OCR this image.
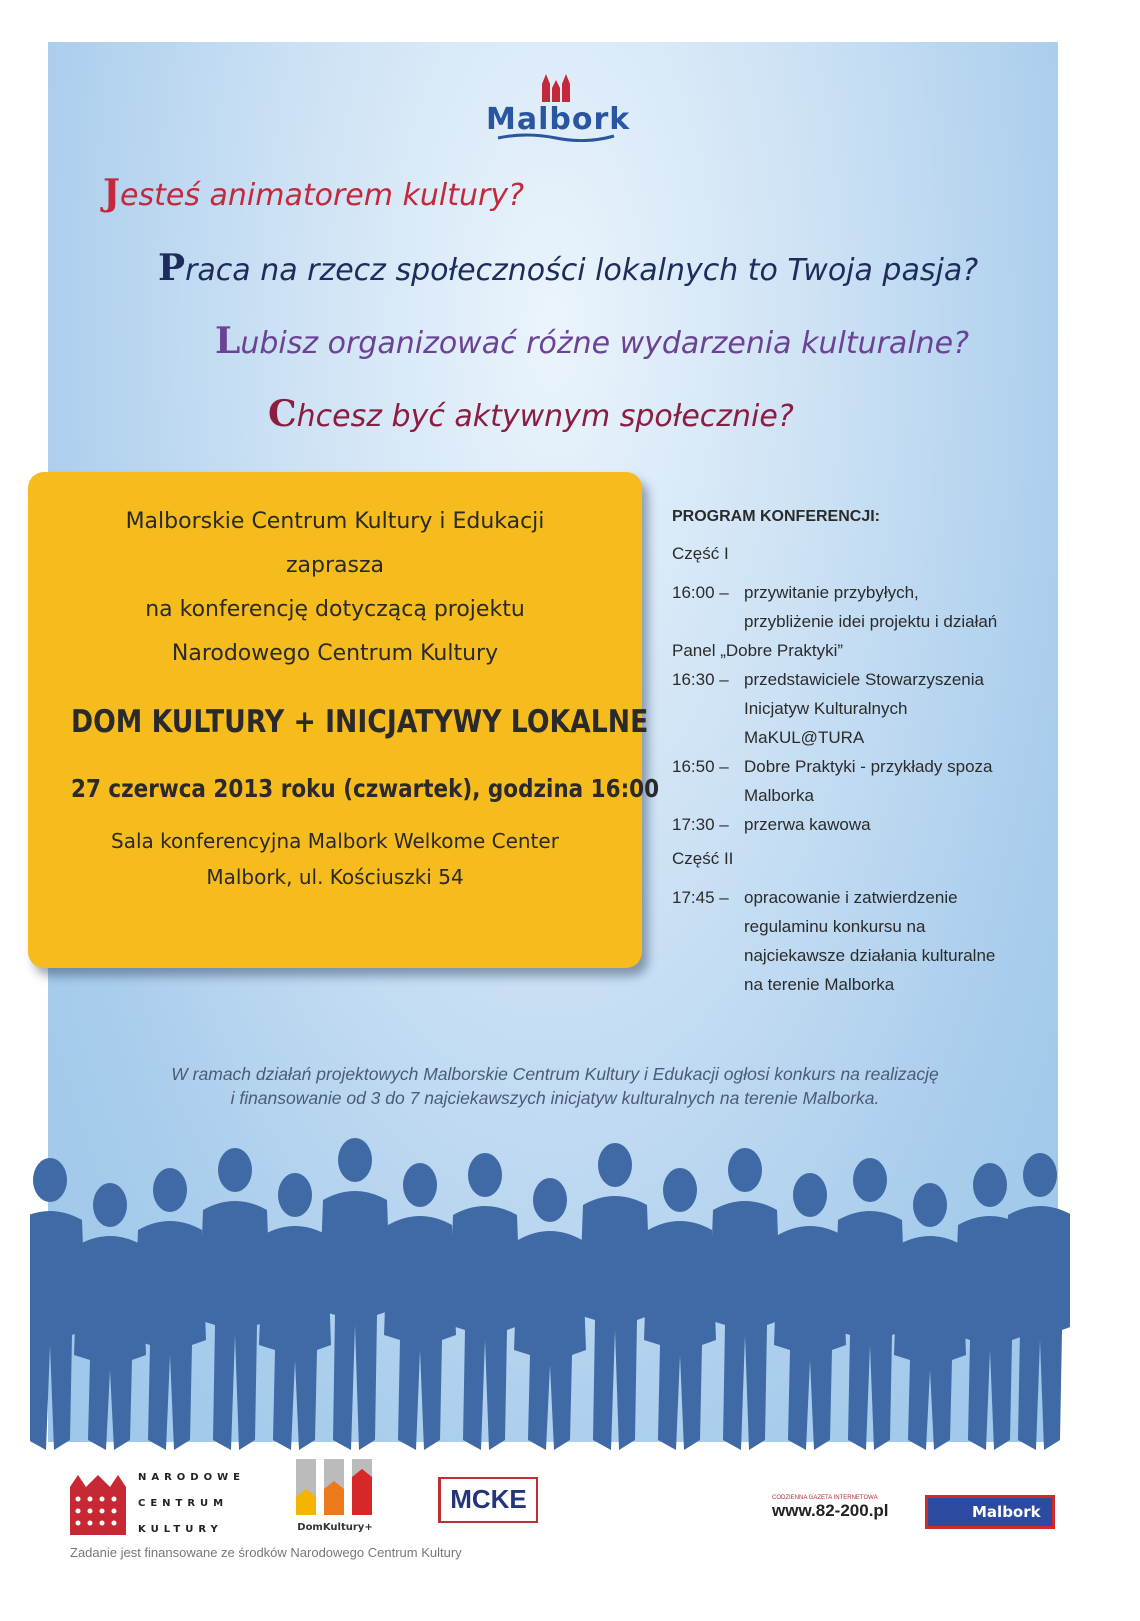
Malbork
Jesteś animatorem kultury?
Praca na rzecz społeczności lokalnych to Twoja pasja?
Lubisz organizować różne wydarzenia kulturalne?
Chcesz być aktywnym społecznie?
Malborskie Centrum Kultury i Edukacji
zaprasza
na konferencję dotyczącą projektu
Narodowego Centrum Kultury
DOM KULTURY + INICJATYWY LOKALNE
27 czerwca 2013 roku (czwartek), godzina 16:00
Sala konferencyjna Malbork Welkome Center
Malbork, ul. Kościuszki 54
PROGRAM KONFERENCJI:
Część I
16:00 – przywitanie przybyłych,
przybliżenie idei projektu i działań
Panel „Dobre Praktyki”
16:30 – przedstawiciele Stowarzyszenia
Inicjatyw Kulturalnych
MaKUL@TURA
16:50 – Dobre Praktyki - przykłady spoza
Malborka
17:30 – przerwa kawowa
Część II
17:45 – opracowanie i zatwierdzenie
regulaminu konkursu na
najciekawsze działania kulturalne
na terenie Malborka
W ramach działań projektowych Malborskie Centrum Kultury i Edukacji ogłosi konkurs na realizację
i finansowanie od 3 do 7 najciekawszych inicjatyw kulturalnych na terenie Malborka.
NARODOWE
CENTRUM
KULTURY	DomKultury+
MCKE	CODZIENNA GAZETA INTERNETOWA
www.82-200.pl	Malbork
Zadanie jest finansowane ze środków Narodowego Centrum Kultury
